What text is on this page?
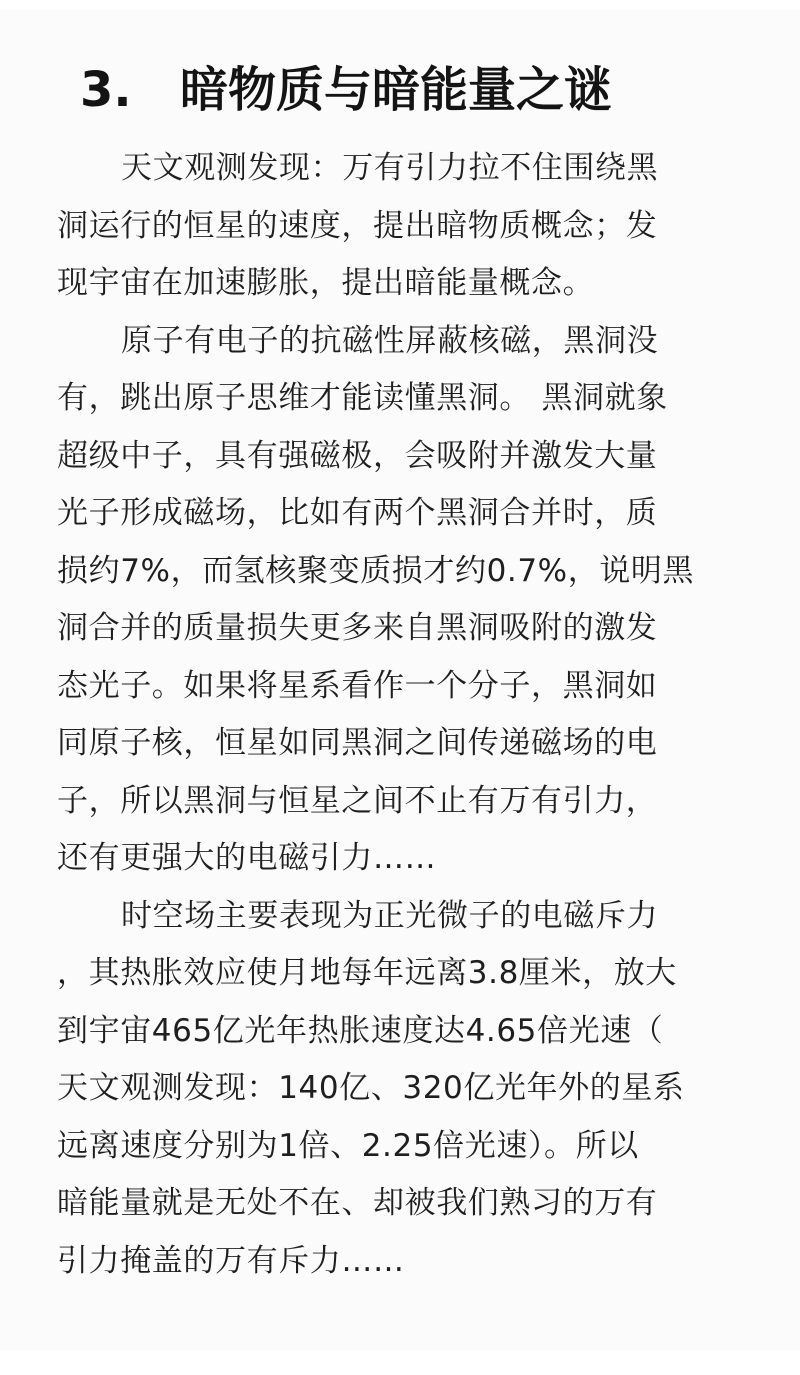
3. 暗物质与暗能量之谜
天文观测发现：万有引力拉不住围绕黑
洞运行的恒星的速度，提出暗物质概念；发
现宇宙在加速膨胀，提出暗能量概念。
原子有电子的抗磁性屏蔽核磁，黑洞没
有，跳出原子思维才能读懂黑洞。 黑洞就象
超级中子，具有强磁极，会吸附并激发大量
光子形成磁场，比如有两个黑洞合并时，质
损约7%，而氢核聚变质损才约0.7%，说明黑
洞合并的质量损失更多来自黑洞吸附的激发
态光子。如果将星系看作一个分子，黑洞如
同原子核，恒星如同黑洞之间传递磁场的电
子，所以黑洞与恒星之间不止有万有引力，
还有更强大的电磁引力……
时空场主要表现为正光微子的电磁斥力
，其热胀效应使月地每年远离3.8厘米，放大
到宇宙465亿光年热胀速度达4.65倍光速（
天文观测发现：140亿、320亿光年外的星系
远离速度分别为1倍、2.25倍光速）。所以
暗能量就是无处不在、却被我们熟习的万有
引力掩盖的万有斥力……
